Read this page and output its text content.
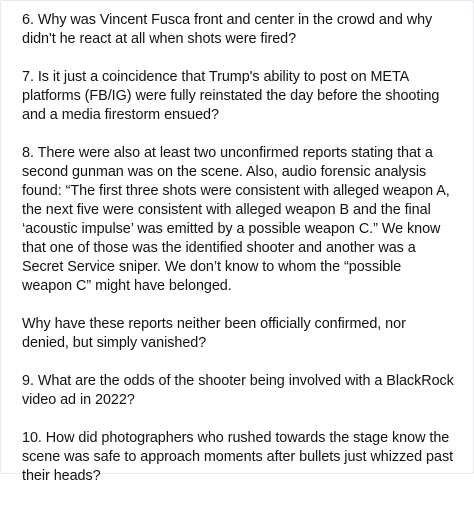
6. Why was Vincent Fusca front and center in the crowd and why didn't he react at all when shots were fired?

7. Is it just a coincidence that Trump's ability to post on META platforms (FB/IG) were fully reinstated the day before the shooting and a media firestorm ensued?

8. There were also at least two unconfirmed reports stating that a second gunman was on the scene. Also, audio forensic analysis found: “The first three shots were consistent with alleged weapon A, the next five were consistent with alleged weapon B and the final ‘acoustic impulse’ was emitted by a possible weapon C.” We know that one of those was the identified shooter and another was a Secret Service sniper. We don’t know to whom the “possible weapon C” might have belonged.

Why have these reports neither been officially confirmed, nor denied, but simply vanished?

9. What are the odds of the shooter being involved with a BlackRock video ad in 2022?

10. How did photographers who rushed towards the stage know the scene was safe to approach moments after bullets just whizzed past their heads?
